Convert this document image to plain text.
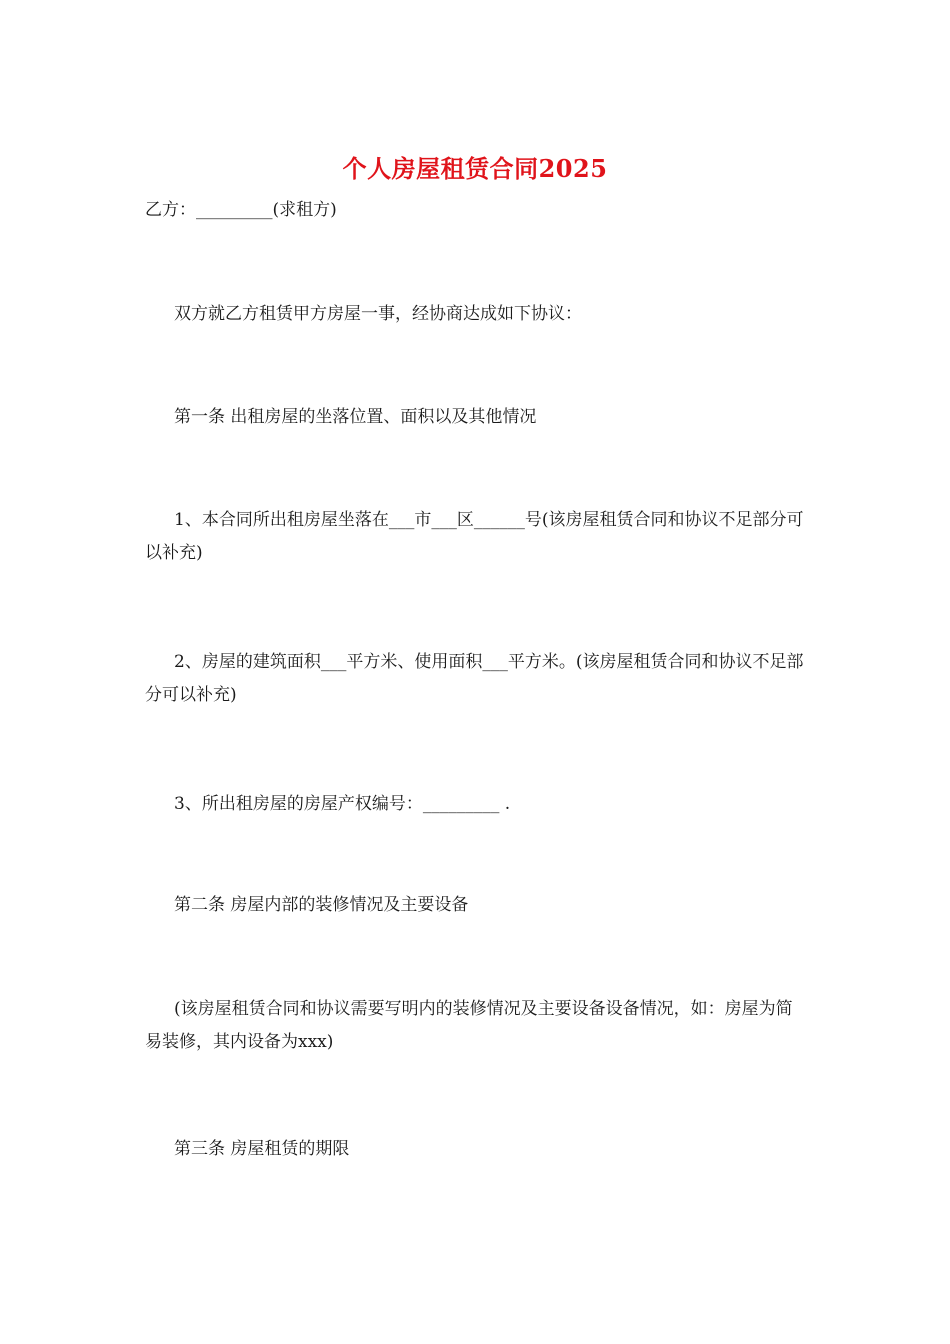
个人房屋租赁合同2025
乙方：_________(求租方)
双方就乙方租赁甲方房屋一事，经协商达成如下协议：
第一条 出租房屋的坐落位置、面积以及其他情况
1、本合同所出租房屋坐落在___市___区______号(该房屋租赁合同和协议不足部分可以补充)
2、房屋的建筑面积___平方米、使用面积___平方米。(该房屋租赁合同和协议不足部分可以补充)
3、所出租房屋的房屋产权编号：_________ .
第二条 房屋内部的装修情况及主要设备
(该房屋租赁合同和协议需要写明内的装修情况及主要设备设备情况，如：房屋为简易装修，其内设备为xxx)
第三条 房屋租赁的期限
